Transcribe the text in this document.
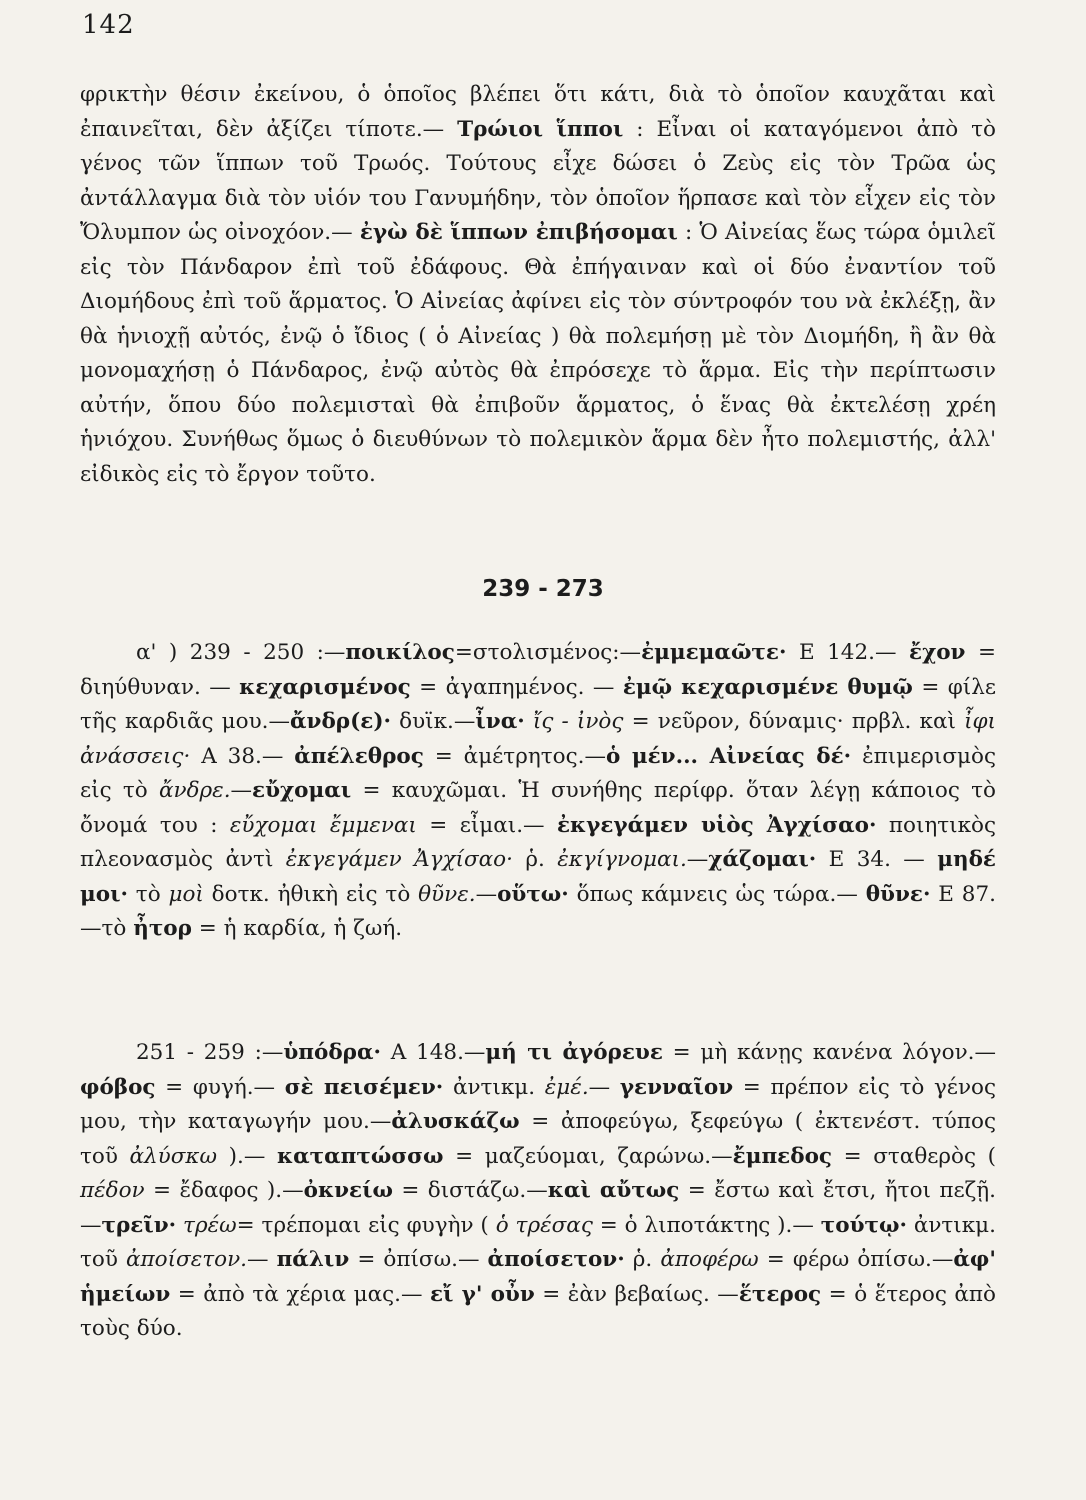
142
φρικτὴν θέσιν ἐκείνου, ὁ ὁποῖος βλέπει ὅτι κάτι, διὰ τὸ ὁποῖον καυχᾶται καὶ ἐπαινεῖται, δὲν ἀξίζει τίποτε.— Τρώιοι ἵπποι : Εἶναι οἱ καταγόμενοι ἀπὸ τὸ γένος τῶν ἵππων τοῦ Τρωός. Τούτους εἶχε δώσει ὁ Ζεὺς εἰς τὸν Τρῶα ὡς ἀντάλλαγμα διὰ τὸν υἱόν του Γανυμήδην, τὸν ὁποῖον ἥρπασε καὶ τὸν εἶχεν εἰς τὸν Ὄλυμπον ὡς οἰνοχόον.— ἐγὼ δὲ ἵππων ἐπιβήσομαι : Ὁ Αἰνείας ἕως τώρα ὁμιλεῖ εἰς τὸν Πάνδαρον ἐπὶ τοῦ ἐδάφους. Θὰ ἐπήγαιναν καὶ οἱ δύο ἐναντίον τοῦ Διομήδους ἐπὶ τοῦ ἅρματος. Ὁ Αἰνείας ἀφίνει εἰς τὸν σύντροφόν του νὰ ἐκλέξῃ, ἂν θὰ ἡνιοχῇ αὐτός, ἐνῷ ὁ ἴδιος ( ὁ Αἰνείας ) θὰ πολεμήσῃ μὲ τὸν Διομήδη, ἢ ἂν θὰ μονομαχήσῃ ὁ Πάνδαρος, ἐνῷ αὐτὸς θὰ ἐπρόσεχε τὸ ἅρμα. Εἰς τὴν περίπτωσιν αὐτήν, ὅπου δύο πολεμισταὶ θὰ ἐπιβοῦν ἅρματος, ὁ ἕνας θὰ ἐκτελέσῃ χρέη ἡνιόχου. Συνήθως ὅμως ὁ διευθύνων τὸ πολεμικὸν ἅρμα δὲν ἦτο πολεμιστής, ἀλλ' εἰδικὸς εἰς τὸ ἔργον τοῦτο.
239 - 273
α' ) 239 - 250 :—ποικίλος=στολισμένος:—ἐμμεμαῶτε· Ε 142.— ἔχον = διηύθυναν. — κεχαρισμένος = ἀγαπημένος. — ἐμῷ κεχαρισμένε θυμῷ = φίλε τῆς καρδιᾶς μου.—ἄνδρ(ε)· δυϊκ.—ἶνα· ἴς - ἰνὸς = νεῦρον, δύναμις· πρβλ. καὶ ἶφι ἀνάσσεις· Α 38.— ἀπέλεθρος = ἀμέτρητος.—ὁ μέν... Αἰνείας δέ· ἐπιμερισμὸς εἰς τὸ ἄνδρε.—εὔχομαι = καυχῶμαι. Ἡ συνήθης περίφρ. ὅταν λέγῃ κάποιος τὸ ὄνομά του : εὔχομαι ἔμμεναι = εἶμαι.— ἐκγεγάμεν υἱὸς Ἀγχίσαο· ποιητικὸς πλεονασμὸς ἀντὶ ἐκγεγάμεν Ἀγχίσαο· ῥ. ἐκγίγνομαι.—χάζομαι· Ε 34. — μηδέ μοι· τὸ μοὶ δοτκ. ἠθικὴ εἰς τὸ θῦνε.—οὕτω· ὅπως κάμνεις ὡς τώρα.— θῦνε· Ε 87.—τὸ ἦτορ = ἡ καρδία, ἡ ζωή.
251 - 259 :—ὑπόδρα· Α 148.—μή τι ἀγόρευε = μὴ κάνῃς κανένα λόγον.—φόβος = φυγή.— σὲ πεισέμεν· ἀντικμ. ἐμέ.— γενναῖον = πρέπον εἰς τὸ γένος μου, τὴν καταγωγήν μου.—ἀλυσκάζω = ἀποφεύγω, ξεφεύγω ( ἐκτενέστ. τύπος τοῦ ἀλύσκω ).— καταπτώσσω = μαζεύομαι, ζαρώνω.—ἔμπεδος = σταθερὸς ( πέδον = ἔδαφος ).—ὀκνείω = διστάζω.—καὶ αὔτως = ἔστω καὶ ἔτσι, ἤτοι πεζῇ.—τρεῖν· τρέω= τρέπομαι εἰς φυγὴν ( ὁ τρέσας = ὁ λιποτάκτης ).— τούτῳ· ἀντικμ. τοῦ ἀποίσετον.— πάλιν = ὀπίσω.— ἀποίσετον· ῥ. ἀποφέρω = φέρω ὀπίσω.—ἀφ' ἡμείων = ἀπὸ τὰ χέρια μας.— εἴ γ' οὖν = ἐὰν βεβαίως. —ἕτερος = ὁ ἕτερος ἀπὸ τοὺς δύο.
